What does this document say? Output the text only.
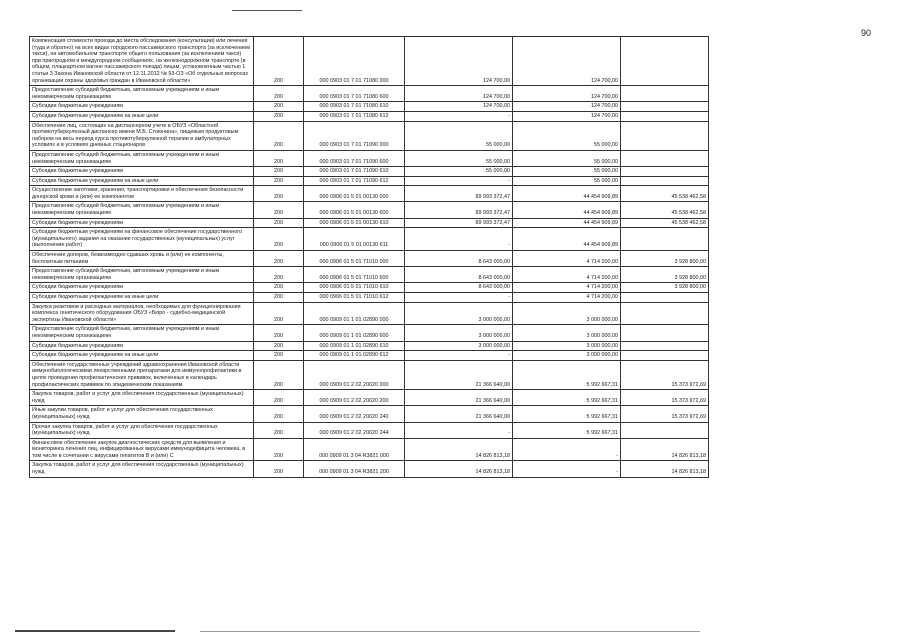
90
Компенсация стоимости проезда до места обследования (консультации) или лечения (туда и обратно) на всех видах городского пассажирского транспорта (за исключением такси), на автомобильном транспорте общего пользования (за исключением такси) при пригородном и междугородном сообщениях, на железнодорожном транспорте (в общем, плацкартном вагоне пассажирского поезда) лицам, установленным частью 1 статьи 3 Закона Ивановской области от 12.11.2012 № 93-ОЗ «Об отдельных вопросах организации охраны здоровья граждан в Ивановской области»	200	000 0903 01 7 01 71080 000	124 700,00	124 700,00	
Предоставление субсидий бюджетным, автономным учреждениям и иным некоммерческим организациям	200	000 0903 01 7 01 71080 600	124 700,00	124 700,00	
Субсидии бюджетным учреждениям	200	000 0903 01 7 01 71080 610	124 700,00	124 700,00	
Субсидии бюджетным учреждениям на иные цели	200	000 0903 01 7 01 71080 612	-	124 700,00	
Обеспечение лиц, состоящих на диспансерном учете в ОБУЗ «Областной противотуберкулезный диспансер имени М.Б. Стоюнина», пищевым продуктовым набором на весь период курса противотуберкулезной терапии в амбулаторных условиях и в условиях дневных стационаров	200	000 0903 01 7 01 71090 000	55 000,00	55 000,00	
Предоставление субсидий бюджетным, автономным учреждениям и иным некоммерческим организациям	200	000 0903 01 7 01 71090 600	55 000,00	55 000,00	
Субсидии бюджетным учреждениям	200	000 0903 01 7 01 71090 610	55 000,00	55 000,00	
Субсидии бюджетным учреждениям на иные цели	200	000 0903 01 7 01 71090 612	-	55 000,00	
Осуществление заготовки, хранения, транспортировки и обеспечения безопасности донорской крови и (или) ее компонентов	200	000 0906 01 5 01 00130 000	89 993 372,47	44 454 909,89	45 538 462,58
Предоставление субсидий бюджетным, автономным учреждениям и иным некоммерческим организациям	200	000 0906 01 5 01 00130 600	89 993 372,47	44 454 909,89	45 538 462,58
Субсидии бюджетным учреждениям	200	000 0906 01 5 01 00130 610	89 993 372,47	44 454 909,89	45 538 462,58
Субсидии бюджетным учреждениям на финансовое обеспечение государственного (муниципального) задания на оказание государственных (муниципальных) услуг (выполнение работ)	200	000 0906 01 5 01 00130 611	-	44 454 909,89	
Обеспечение доноров, безвозмездно сдавших кровь и (или) ее компоненты, бесплатным питанием	200	000 0906 01 5 01 71010 000	8 643 000,00	4 714 200,00	3 928 800,00
Предоставление субсидий бюджетным, автономным учреждениям и иным некоммерческим организациям	200	000 0906 01 5 01 71010 600	8 643 000,00	4 714 200,00	3 928 800,00
Субсидии бюджетным учреждениям	200	000 0906 01 5 01 71010 610	8 643 000,00	4 714 200,00	3 928 800,00
Субсидии бюджетным учреждениям на иные цели	200	000 0906 01 5 01 71010 612	-	4 714 200,00	
Закупка реактивов и расходных материалов, необходимых для функционирования комплекса генетического оборудования ОБУЗ «Бюро - судебно-медицинской экспертизы Ивановской области»	200	000 0909 01 1 01 02890 000	3 000 000,00	3 000 000,00	
Предоставление субсидий бюджетным, автономным учреждениям и иным некоммерческим организациям	200	000 0909 01 1 01 02890 600	3 000 000,00	3 000 000,00	
Субсидии бюджетным учреждениям	200	000 0909 01 1 01 02890 610	3 000 000,00	3 000 000,00	
Субсидии бюджетным учреждениям на иные цели	200	000 0909 01 1 01 02890 612	-	3 000 000,00	
Обеспечение государственных учреждений здравоохранения Ивановской области иммунобиологическими лекарственными препаратами для иммунопрофилактики в целях проведения профилактических прививок, включенных в календарь профилактических прививок по эпидемическим показаниям	200	000 0909 01 2 02 20020 000	21 366 640,00	5 992 667,31	15 373 972,69
Закупка товаров, работ и услуг для обеспечения государственных (муниципальных) нужд	200	000 0909 01 2 02 20020 200	21 366 640,00	5 992 667,31	15 373 972,69
Иные закупки товаров, работ и услуг для обеспечения государственных (муниципальных) нужд	200	000 0909 01 2 02 20020 240	21 366 640,00	5 992 667,31	15 373 972,69
Прочая закупка товаров, работ и услуг для обеспечения государственных (муниципальных) нужд	200	000 0909 01 2 02 20020 244	-	5 992 667,31	
Финансовое обеспечение закупок диагностических средств для выявления и мониторинга лечения лиц, инфицированных вирусами иммунодефицита человека, в том числе в сочетании с вирусами гепатитов В и (или) С	200	000 0909 01 3 04 R3821 000	14 826 813,18	-	14 826 813,18
Закупка товаров, работ и услуг для обеспечения государственных (муниципальных) нужд	200	000 0909 01 3 04 R3821 200	14 826 813,18	-	14 826 813,18
